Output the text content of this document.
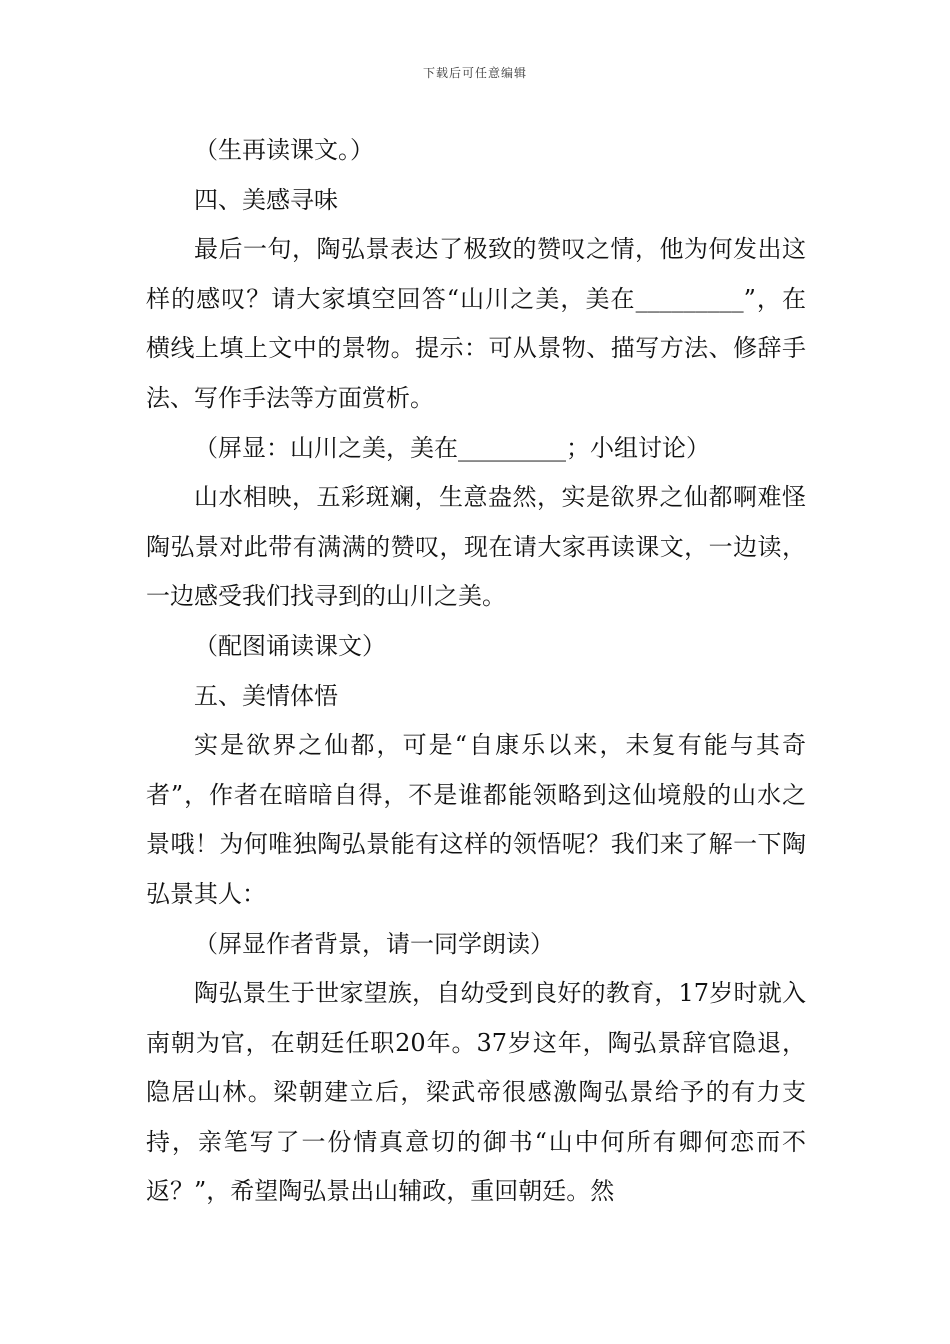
下载后可任意编辑

（生再读课文。）

四、美感寻味

最后一句，陶弘景表达了极致的赞叹之情，他为何发出这样的感叹？请大家填空回答“山川之美，美在_________”，在横线上填上文中的景物。提示：可从景物、描写方法、修辞手法、写作手法等方面赏析。

（屏显：山川之美，美在_________；小组讨论）

山水相映，五彩斑斓，生意盎然，实是欲界之仙都啊难怪陶弘景对此带有满满的赞叹，现在请大家再读课文，一边读，一边感受我们找寻到的山川之美。

（配图诵读课文）

五、美情体悟

实是欲界之仙都，可是“自康乐以来，未复有能与其奇者”，作者在暗暗自得，不是谁都能领略到这仙境般的山水之景哦！为何唯独陶弘景能有这样的领悟呢？我们来了解一下陶弘景其人：

（屏显作者背景，请一同学朗读）

陶弘景生于世家望族，自幼受到良好的教育，17岁时就入南朝为官，在朝廷任职20年。37岁这年，陶弘景辞官隐退，隐居山林。梁朝建立后，梁武帝很感激陶弘景给予的有力支持，亲笔写了一份情真意切的御书“山中何所有卿何恋而不返？”，希望陶弘景出山辅政，重回朝廷。然
